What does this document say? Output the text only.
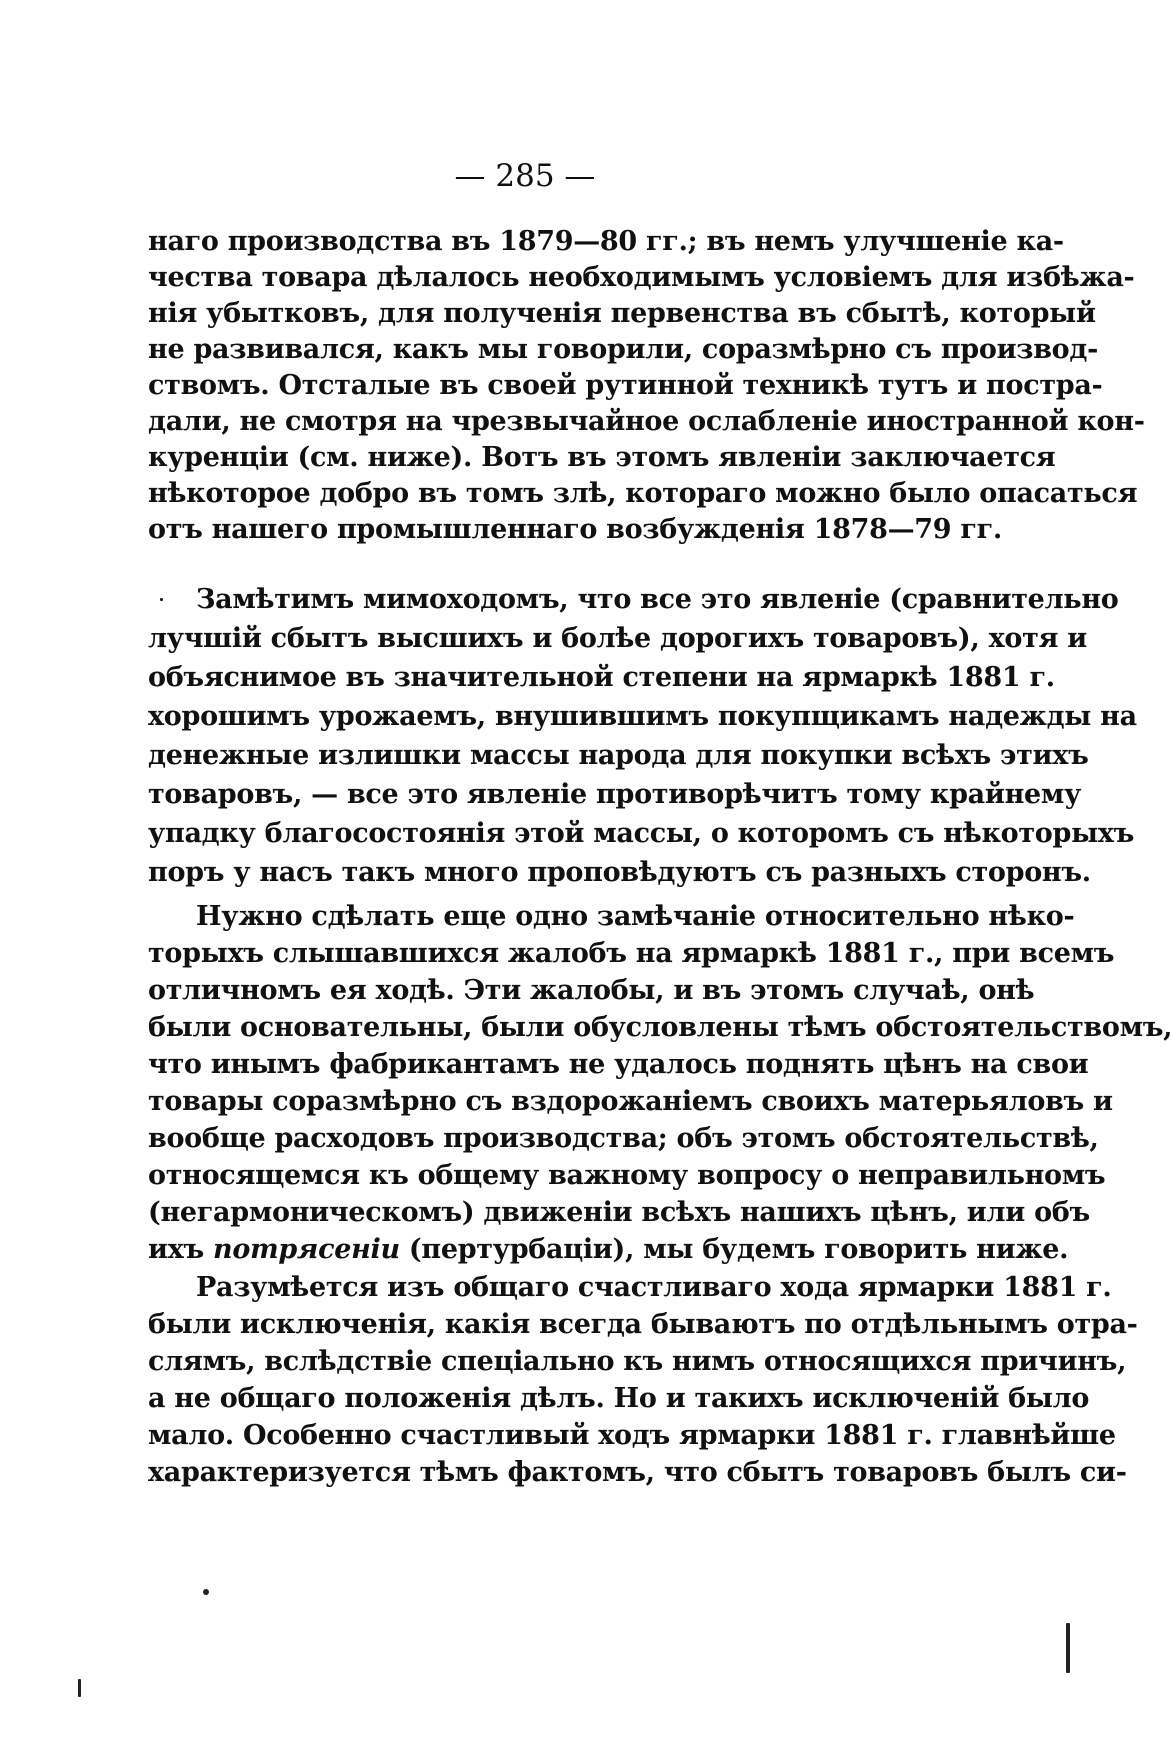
— 285 —
наго производства въ 1879—80 гг.; въ немъ улучшеніе ка-
чества товара дѣлалось необходимымъ условіемъ для избѣжа-
нія убытковъ, для полученія первенства въ сбытѣ, который
не развивался, какъ мы говорили, соразмѣрно съ производ-
ствомъ. Отсталые въ своей рутинной техникѣ тутъ и пострa-
дали, не смотря на чрезвычайное ослабленіе иностранной кон-
куренціи (см. ниже). Вотъ въ этомъ явленіи заключается
нѣкоторое добро въ томъ злѣ, котораго можно было опасаться
отъ нашего промышленнаго возбужденія 1878—79 гг.
Замѣтимъ мимоходомъ, что все это явленіе (сравнительно
лучшій сбытъ высшихъ и болѣе дорогихъ товаровъ), хотя и
объяснимое въ значительной степени на ярмаркѣ 1881 г.
хорошимъ урожаемъ, внушившимъ покупщикамъ надежды на
денежные излишки массы народа для покупки всѣхъ этихъ
товаровъ, — все это явленіе противорѣчитъ тому крайнему
упадку благосостоянія этой массы, о которомъ съ нѣкоторыхъ
поръ у насъ такъ много проповѣдуютъ съ разныхъ сторонъ.
Нужно сдѣлать еще одно замѣчаніе относительно нѣко-
торыхъ слышавшихся жалобъ на ярмаркѣ 1881 г., при всемъ
отличномъ ея ходѣ. Эти жалобы, и въ этомъ случаѣ, онѣ
были основательны, были обусловлены тѣмъ обстоятельствомъ,
что инымъ фабрикантамъ не удалось поднять цѣнъ на свои
товары соразмѣрно съ вздорожаніемъ своихъ матерьяловъ и
вообще расходовъ производства; объ этомъ обстоятельствѣ,
относящемся къ общему важному вопросу о неправильномъ
(негармоническомъ) движеніи всѣхъ нашихъ цѣнъ, или объ
ихъ потрясеніи (пертурбаціи), мы будемъ говорить ниже.
Разумѣется изъ общаго счастливаго хода ярмарки 1881 г.
были исключенія, какія всегда бываютъ по отдѣльнымъ отра-
слямъ, вслѣдствіе спеціально къ нимъ относящихся причинъ,
а не общаго положенія дѣлъ. Но и такихъ исключеній было
мало. Особенно счастливый ходъ ярмарки 1881 г. главнѣйше
характеризуется тѣмъ фактомъ, что сбытъ товаровъ былъ си-
